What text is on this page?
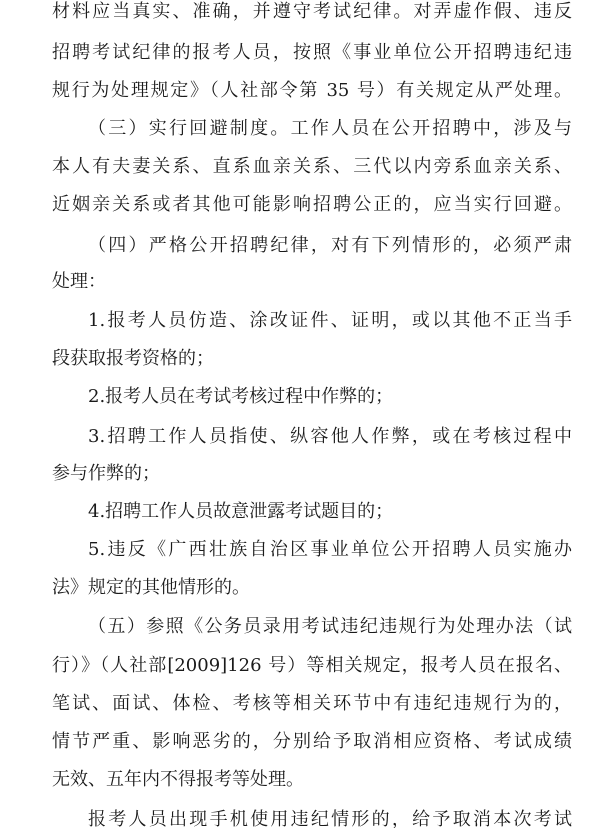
材料应当真实、准确，并遵守考试纪律。对弄虚作假、违反

招聘考试纪律的报考人员，按照《事业单位公开招聘违纪违

规行为处理规定》（人社部令第 35 号）有关规定从严处理。

（三）实行回避制度。工作人员在公开招聘中，涉及与

本人有夫妻关系、直系血亲关系、三代以内旁系血亲关系、

近姻亲关系或者其他可能影响招聘公正的，应当实行回避。

（四）严格公开招聘纪律，对有下列情形的，必须严肃

处理：

1.报考人员仿造、涂改证件、证明，或以其他不正当手

段获取报考资格的；

2.报考人员在考试考核过程中作弊的；

3.招聘工作人员指使、纵容他人作弊，或在考核过程中

参与作弊的；

4.招聘工作人员故意泄露考试题目的；

5.违反《广西壮族自治区事业单位公开招聘人员实施办

法》规定的其他情形的。

（五）参照《公务员录用考试违纪违规行为处理办法（试

行）》（人社部[2009]126 号）等相关规定，报考人员在报名、

笔试、面试、体检、考核等相关环节中有违纪违规行为的，

情节严重、影响恶劣的，分别给予取消相应资格、考试成绩

无效、五年内不得报考等处理。

报考人员出现手机使用违纪情形的，给予取消本次考试
